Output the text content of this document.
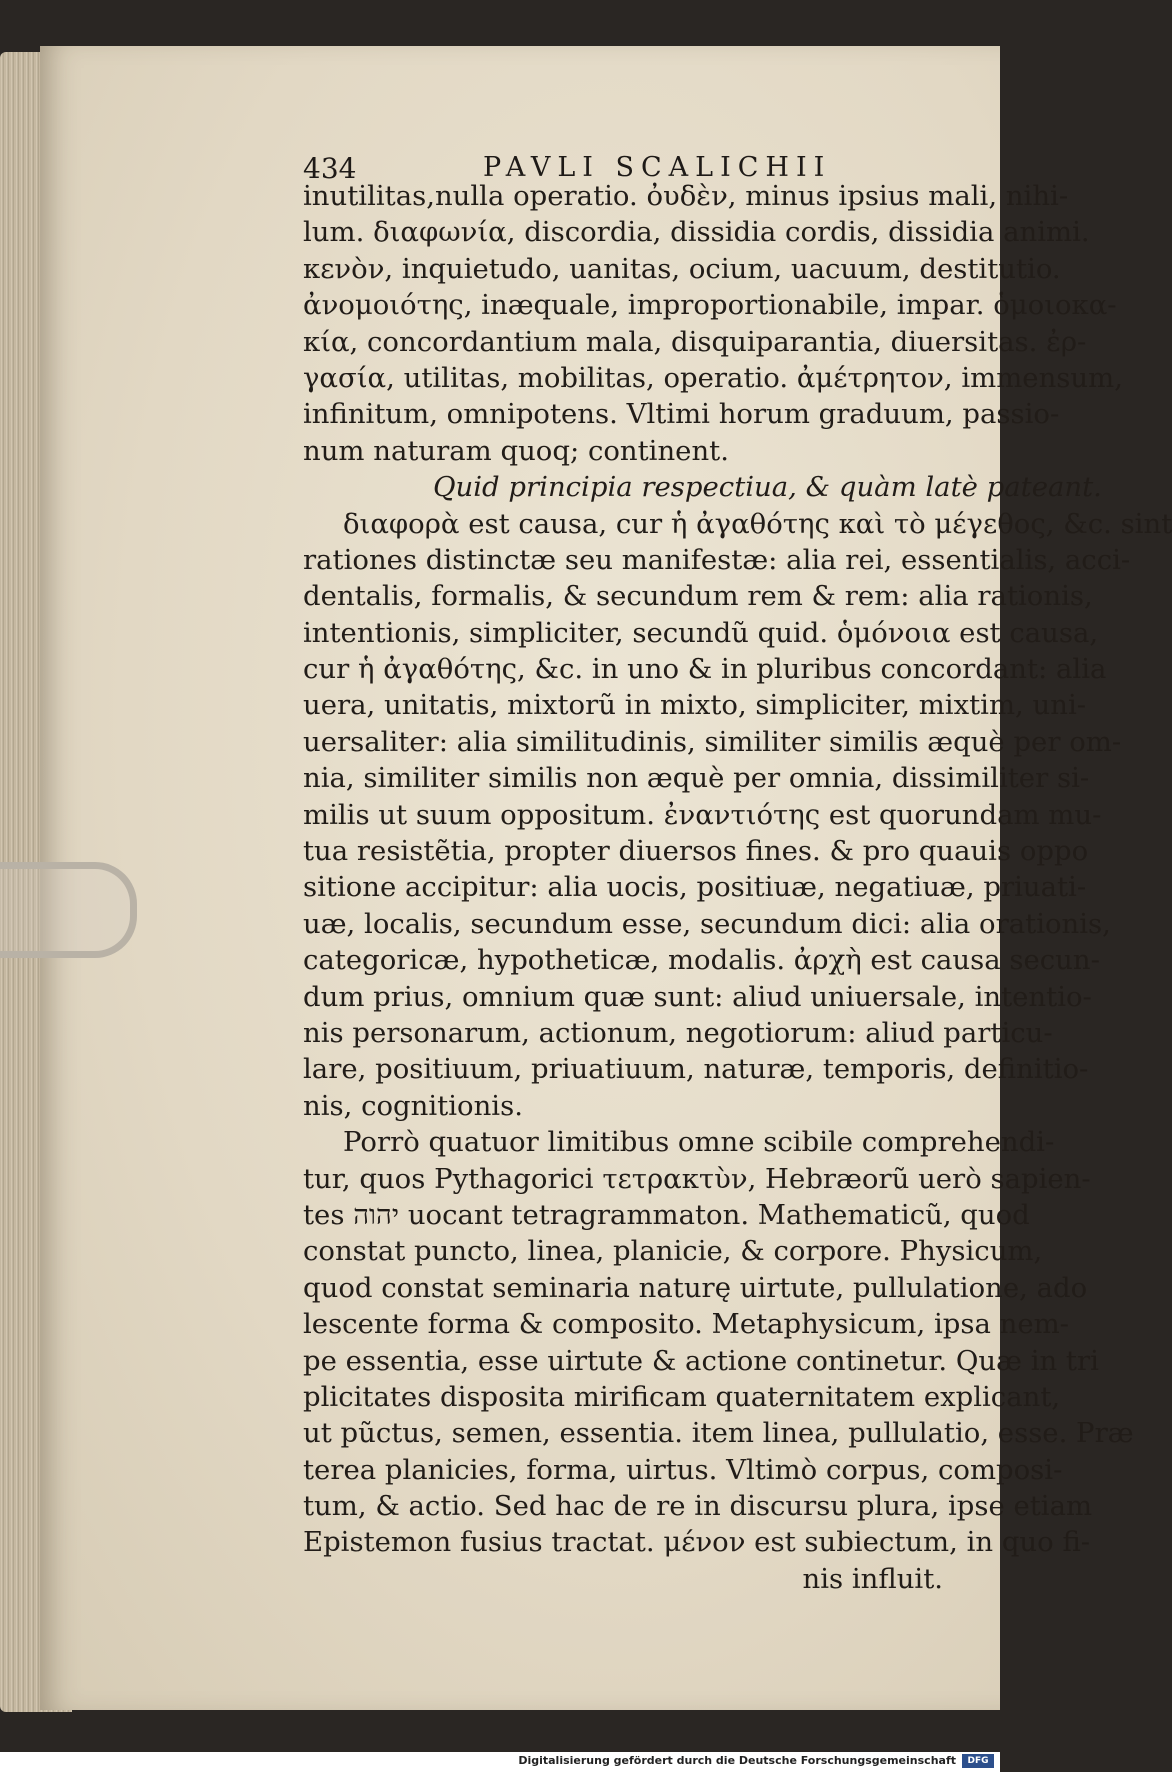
434	PAVLI SCALICHII
inutilitas,nulla operatio. ὀυδὲν, minus ipsius mali, nihi-
lum. διαφωνία, discordia, dissidia cordis, dissidia animi.
κενὸν, inquietudo, uanitas, ocium, uacuum, destitutio.
ἀνομοιότης, inæquale, improportionabile, impar. ὁμοιοκα-
κία, concordantium mala, disquiparantia, diuersitas. ἐρ-
γασία, utilitas, mobilitas, operatio. ἀμέτρητον, immensum,
infinitum, omnipotens. Vltimi horum graduum, passio-
num naturam quoq; continent.
Quid principia respectiua, & quàm latè pateant.
διαφορὰ est causa, cur ἡ ἀγαθότης καὶ τὸ μέγεθος, &c. sint
rationes distinctæ seu manifestæ: alia rei, essentialis, acci-
dentalis, formalis, & secundum rem & rem: alia rationis,
intentionis, simpliciter, secundũ quid. ὁμόνοια est causa,
cur ἡ ἀγαθότης, &c. in uno & in pluribus concordant: alia
uera, unitatis, mixtorũ in mixto, simpliciter, mixtim, uni-
uersaliter: alia similitudinis, similiter similis æquè per om-
nia, similiter similis non æquè per omnia, dissimiliter si-
milis ut suum oppositum. ἐναντιότης est quorundam mu-
tua resistẽtia, propter diuersos fines. & pro quauis oppo
sitione accipitur: alia uocis, positiuæ, negatiuæ, priuati-
uæ, localis, secundum esse, secundum dici: alia orationis,
categoricæ, hypotheticæ, modalis. ἀρχὴ est causa secun-
dum prius, omnium quæ sunt: aliud uniuersale, intentio-
nis personarum, actionum, negotiorum: aliud particu-
lare, positiuum, priuatiuum, naturæ, temporis, definitio-
nis, cognitionis.
Porrò quatuor limitibus omne scibile comprehendi-
tur, quos Pythagorici τετρακτὺν, Hebræorũ uerò sapien-
tes יהוה uocant tetragrammaton. Mathematicũ, quod
constat puncto, linea, planicie, & corpore. Physicum,
quod constat seminaria naturę uirtute, pullulatione, ado
lescente forma & composito. Metaphysicum, ipsa nem-
pe essentia, esse uirtute & actione continetur. Quæ in tri
plicitates disposita mirificam quaternitatem explicant,
ut pũctus, semen, essentia. item linea, pullulatio, esse. Præ
terea planicies, forma, uirtus. Vltimò corpus, composi-
tum, & actio. Sed hac de re in discursu plura, ipse etiam
Epistemon fusius tractat. μένον est subiectum, in quo fi-
nis influit.
Digitalisierung gefördert durch die Deutsche Forschungsgemeinschaft	DFG
